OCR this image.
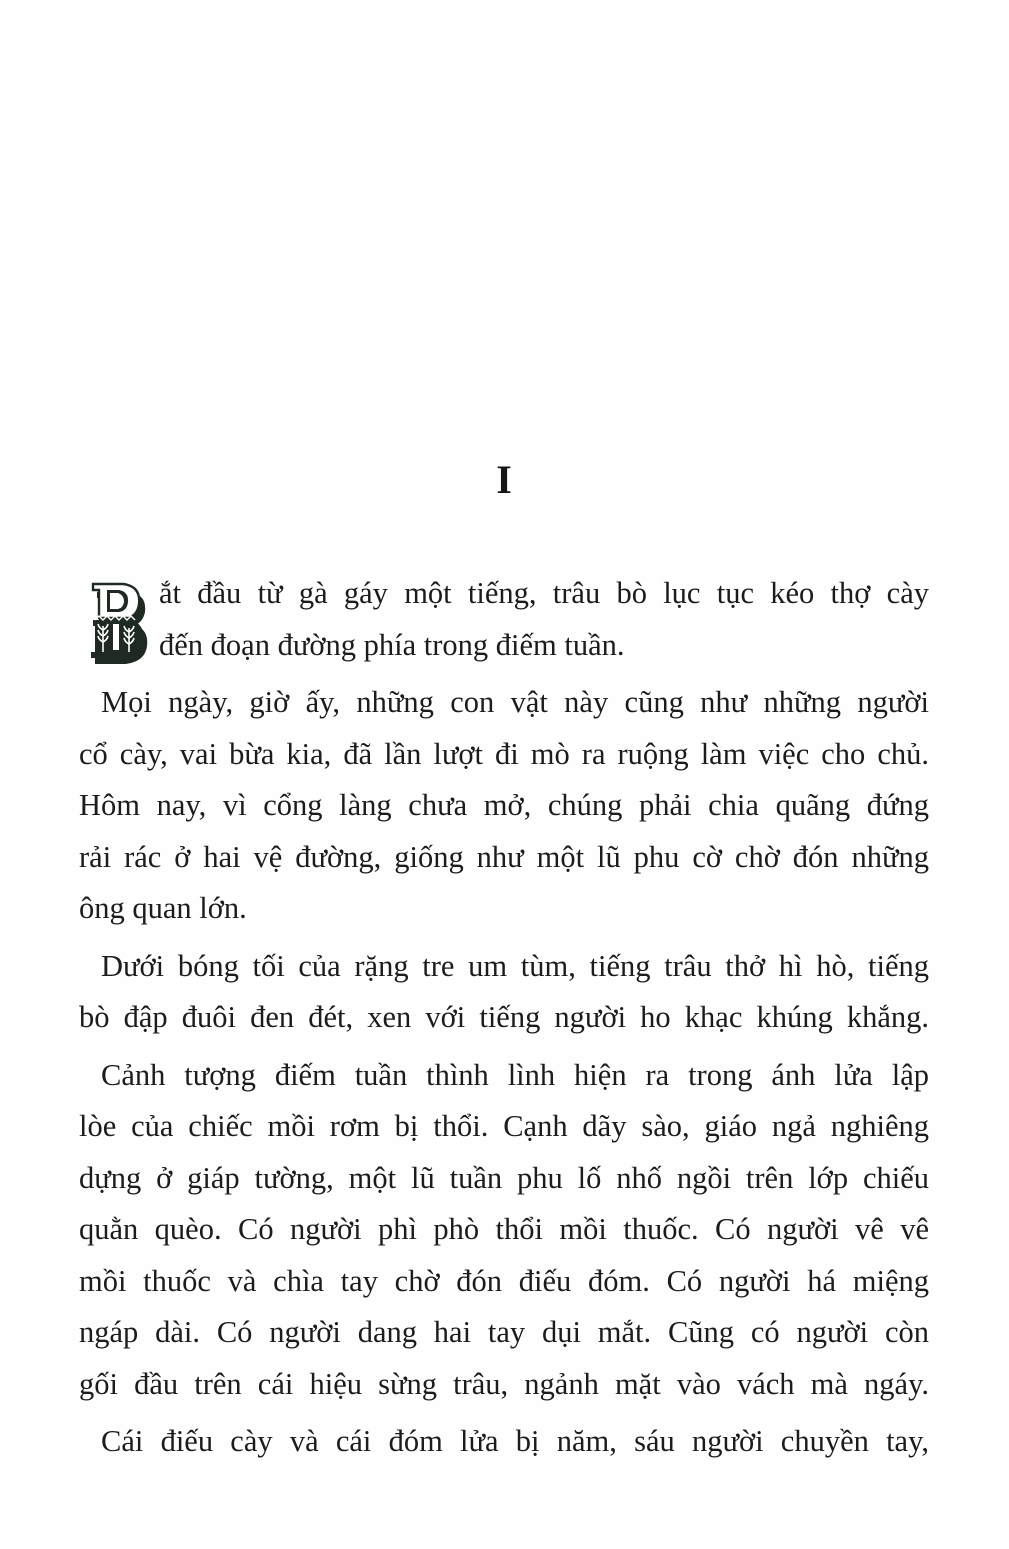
I
ắt đầu từ gà gáy một tiếng, trâu bò lục tục kéo thợ cày
đến đoạn đường phía trong điếm tuần.
Mọi ngày, giờ ấy, những con vật này cũng như những người
cổ cày, vai bừa kia, đã lần lượt đi mò ra ruộng làm việc cho chủ.
Hôm nay, vì cổng làng chưa mở, chúng phải chia quãng đứng
rải rác ở hai vệ đường, giống như một lũ phu cờ chờ đón những
ông quan lớn.
Dưới bóng tối của rặng tre um tùm, tiếng trâu thở hì hò, tiếng
bò đập đuôi đen đét, xen với tiếng người ho khạc khúng khắng.
Cảnh tượng điếm tuần thình lình hiện ra trong ánh lửa lập
lòe của chiếc mồi rơm bị thổi. Cạnh dãy sào, giáo ngả nghiêng
dựng ở giáp tường, một lũ tuần phu lố nhố ngồi trên lớp chiếu
quằn quèo. Có người phì phò thổi mồi thuốc. Có người vê vê
mồi thuốc và chìa tay chờ đón điếu đóm. Có người há miệng
ngáp dài. Có người dang hai tay dụi mắt. Cũng có người còn
gối đầu trên cái hiệu sừng trâu, ngảnh mặt vào vách mà ngáy.
Cái điếu cày và cái đóm lửa bị năm, sáu người chuyền tay,
